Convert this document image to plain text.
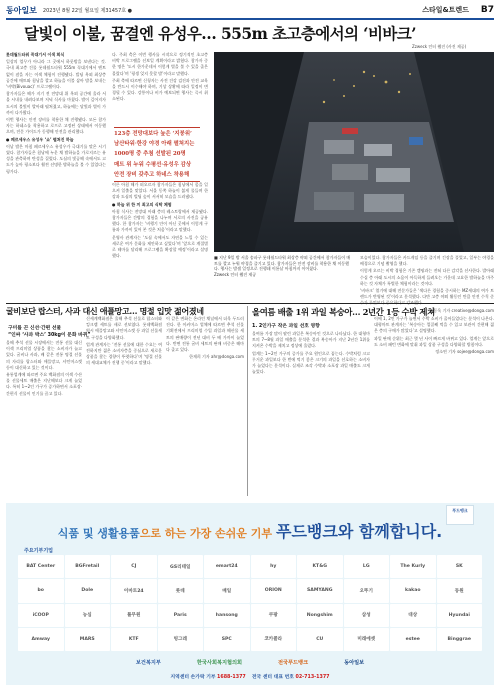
동아일보 2023년 8월 22일 월요일 제31457호 ●	스타일&트렌드 B7
달빛이 이불, 꿈결엔 유성우… 555m 초고층에서의 ‘비바크’
Zzweck 인터 웹진 (사진 제공)

롯데월드타워 꼭대기서 이색 회식

일상의 업무가 아니라 그 곳에서 하룻밤을 보낸다는 것. 국내 최고층 건물 롯데월드타워 555m 꼭대기에서 텐트 없이 잠을 자는 이색 체험이 진행됐다. 빌딩 옥외 최상층 공간에 매트와 침낭을 깔고 하늘을 이불 삼아 밤을 보내는 ‘비박(Bivouac)’ 프로그램이다.

참가자들은 해가 지기 전 전망대 위 옥외 공간에 올라 서울 시내를 내려다보며 저녁 식사를 마쳤다. 밤이 깊어지자 도시의 불빛이 발아래 펼쳐졌고, 하늘에는 달빛과 별이 가까이 다가왔다.

이번 행사는 안전 장비를 착용한 채 진행됐다. 모든 참가자는 하네스를 착용하고 로프로 고정된 상태에서 이동했으며, 전문 가이드가 동행해 안전을 관리했다.

● 페르세우스 유성우 ‘쇼’ 펼쳐진 하늘

이날 밤은 마침 페르세우스 유성우가 극대기를 맞은 시기였다. 참가자들은 침낭에 누운 채 밤하늘을 가로지르는 유성을 관측하며 탄성을 질렀다. 도심의 빛공해 속에서도 고도가 높아 평소보다 훨씬 선명한 밤하늘을 볼 수 있었다는 평가다.

다. 주최 측은 이번 행사를 시작으로 정기적인 초고층 비박 프로그램을 선보일 계획이라고 밝혔다. 참가자 중 한 명은 ‘도시 한가운데서 이렇게 별을 볼 수 있을 줄은 몰랐다’며 ‘평생 잊지 못할 밤’이라고 말했다.

주최 측에 따르면 신청자는 사전 건강 검진과 안전 교육을 반드시 이수해야 하며, 기상 상황에 따라 일정이 변경될 수 있다. 강풍이나 비가 예보되면 행사는 즉시 취소된다.

123층 전망대보다 높은 ‘지붕위’
남산타워·한강 야경 아래 펼쳐지는
1000명 중 추첨 선발된 20명
매트 위 누워 수평선·유성우 감상
안전 장비 갖추고 하네스 착용해

이른 아침 해가 떠오르자 참가자들은 침낭에서 몸을 일으켜 일출을 맞았다. 서울 동쪽 하늘이 붉게 물들며 한강과 도심의 빌딩 숲이 서서히 모습을 드러냈다.

● 하늘 위 한 끼 최고의 식탁 체험

아침 식사는 전망대 아래 층의 레스토랑에서 제공됐다. 참가자들은 간밤의 경험을 나누며 서로의 사진을 공유했다. 한 참가자는 ‘비행기 안이 아닌 곳에서 이렇게 구름과 가까이 있어 본 것은 처음’이라고 말했다.

운영사 관계자는 ‘도심 속에서도 자연을 느낄 수 있는 새로운 여가 문화를 제안하고 싶었다’며 ‘앞으로 계절별로 테마를 달리해 프로그램을 확장할 예정’이라고 설명했다.	■ 지난 9일 밤 서울 송파구 롯데월드타워 최상층 야외 공간에서 참가자들이 매트를 깔고 누워 야경을 즐기고 있다. 참가자들은 안전 장비를 착용한 채 이동했다. 행사는 밤샘 일정으로 진행돼 이튿날 아침까지 이어졌다.
Zzweck 인터 웹진 제공

모습이었다. 참가자들은 카드게임 등을 즐기며 긴장을 풀었고, 일부는 야경을 배경으로 기념 촬영을 했다.

이렇게 오르는 비박 경험은 기존 캠핑과는 전혀 다른 감각을 선사한다. 발아래 수십 층 아래 도시의 소음이 아득하게 들려오는 가운데 고요한 밤하늘을 마주하는 것 자체가 특별한 체험이라는 것이다.

‘비바크’ 열기에 대해 전문가들은 ‘색다른 경험을 중시하는 MZ세대의 여가 트렌드가 반영된 것’이라고 분석했다. 다만 고층 야외 활동인 만큼 안전 수칙 준

김동욱 기자 creative@donga.com

굴비보단 랍스터, 사과 대신 애플망고… 명절 입맛 젊어졌네
구미를 끈 신선·간편 선물
“인싸 ‘사과 박스’ 30kg이 문화 바뀌”

올해 추석 선물 시장에서는 전통 선물 대신 이색 프리미엄 상품을 찾는 소비자가 늘고 있다. 굴비나 사과, 배 같은 전통 명절 선물의 자리를 랍스터와 애플망고, 샤인머스캣 등이 대신하고 있는 것이다.

유통업계에 따르면 주요 백화점의 이색 수산물 선물세트 매출은 지난해보다 크게 늘었다. 특히 1~2인 가구가 증가하면서 소포장·간편식 선물이 인기를 끌고 있다.

신세계백화점은 올해 추석 선물로 랍스터와 킹크랩 세트를 새로 선보였다. 롯데백화점 역시 애플망고와 샤인머스캣 등 과일 선물세트 구성을 다양화했다.

업계 관계자는 ‘전통 선물에 대한 수요는 여전하지만 젊은 소비자층을 중심으로 새로운 상품을 찾는 경향이 뚜렷하다’며 ‘명절 선물의 세대교체가 진행 중’이라고 말했다.

이 같은 변화는 온라인 채널에서 더욱 두드러진다. 한 이커머스 업체에 따르면 추석 선물 기획전에서 프리미엄 수입 과일과 해산물 세트의 판매량이 전년 대비 두 배 가까이 늘었다. 반면 전통 굴비 세트의 판매 비중은 해마다 줄고 있다.

한재희 기자 ahr@donga.com

올여름 배출 1위 과일 복숭아… 2년간 1등 수박 제쳐
1. 2인가구 작은 과일 선호 영향

올여름 가장 많이 팔린 과일은 복숭아인 것으로 나타났다. 한 대형마트의 7~8월 과일 매출을 분석한 결과 복숭아가 지난 2년간 1위를 지켜온 수박을 제치고 정상에 올랐다.

업계는 1~2인 가구의 증가를 주요 원인으로 꼽는다. 수박처럼 크고 무거운 과일보다 한 번에 먹기 좋은 크기의 과일을 선호하는 소비자가 늘었다는 분석이다. 실제로 조각 수박과 소포장 과일 매출도 크게 늘었다.

이에 1, 2인 가구가 늘면서 수박 소비가 줄어들었다는 분석이 나온다. 대형마트 관계자는 ‘복숭아는 껍질째 먹을 수 있고 보관이 간편해 젊은 층의 구매가 많았다’고 설명했다.

과일 판매 순위는 최근 몇 년 사이 빠르게 바뀌고 있다. 업계는 앞으로도 소비 패턴 변화에 맞춰 과일 상품 구성을 다양화할 방침이다.

정소연 기자 sojee@donga.com

푸드뱅크
식품 및 생활용품으로 하는 가장 손쉬운 기부 푸드뱅크와 함께합니다.
주요기부기업
BAT Center	BGFretail	CJ	GS리테일	emart24	hy	KT&G	LG	The Kurly	SK
bo	Dole	이마트24	롯데	매일	ORION	SAMYANG	오뚜기	kakao	동원
iCOOP	농심	풀무원	Paris	hansong	쿠팡	Nongshim	삼성	대상	Hyundai
Amway	MARS	KTF	빙그레	SPC	코카콜라	CU	미래에셋	estee	Binggrae
보건복지부	한국사회복지협의회	전국푸드뱅크	동아일보
지역센터 손가락 기부 1688-1377 전국 센터 대표 번호 02-713-1377
